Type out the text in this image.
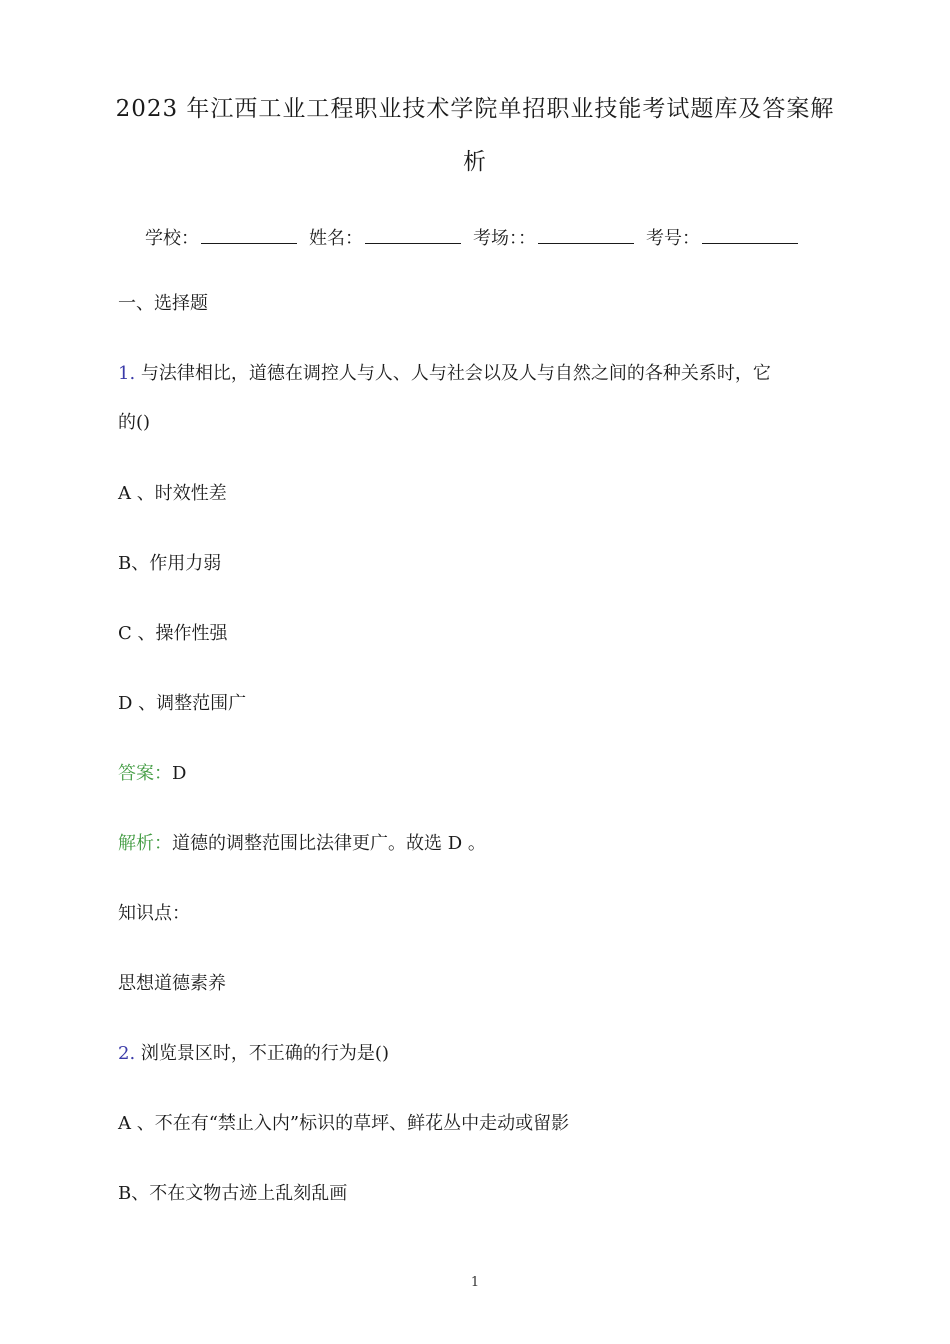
2023 年江西工业工程职业技术学院单招职业技能考试题库及答案解
析
学校：	姓名：	考场：：	考号：
一、选择题
1. 与法律相比，道德在调控人与人、人与社会以及人与自然之间的各种关系时，它
的()
A 、时效性差
B、作用力弱
C 、操作性强
D 、调整范围广
答案：D
解析：道德的调整范围比法律更广。故选 D 。
知识点：
思想道德素养
2. 浏览景区时，不正确的行为是()
A 、不在有“禁止入内”标识的草坪、鲜花丛中走动或留影
B、不在文物古迹上乱刻乱画
1
